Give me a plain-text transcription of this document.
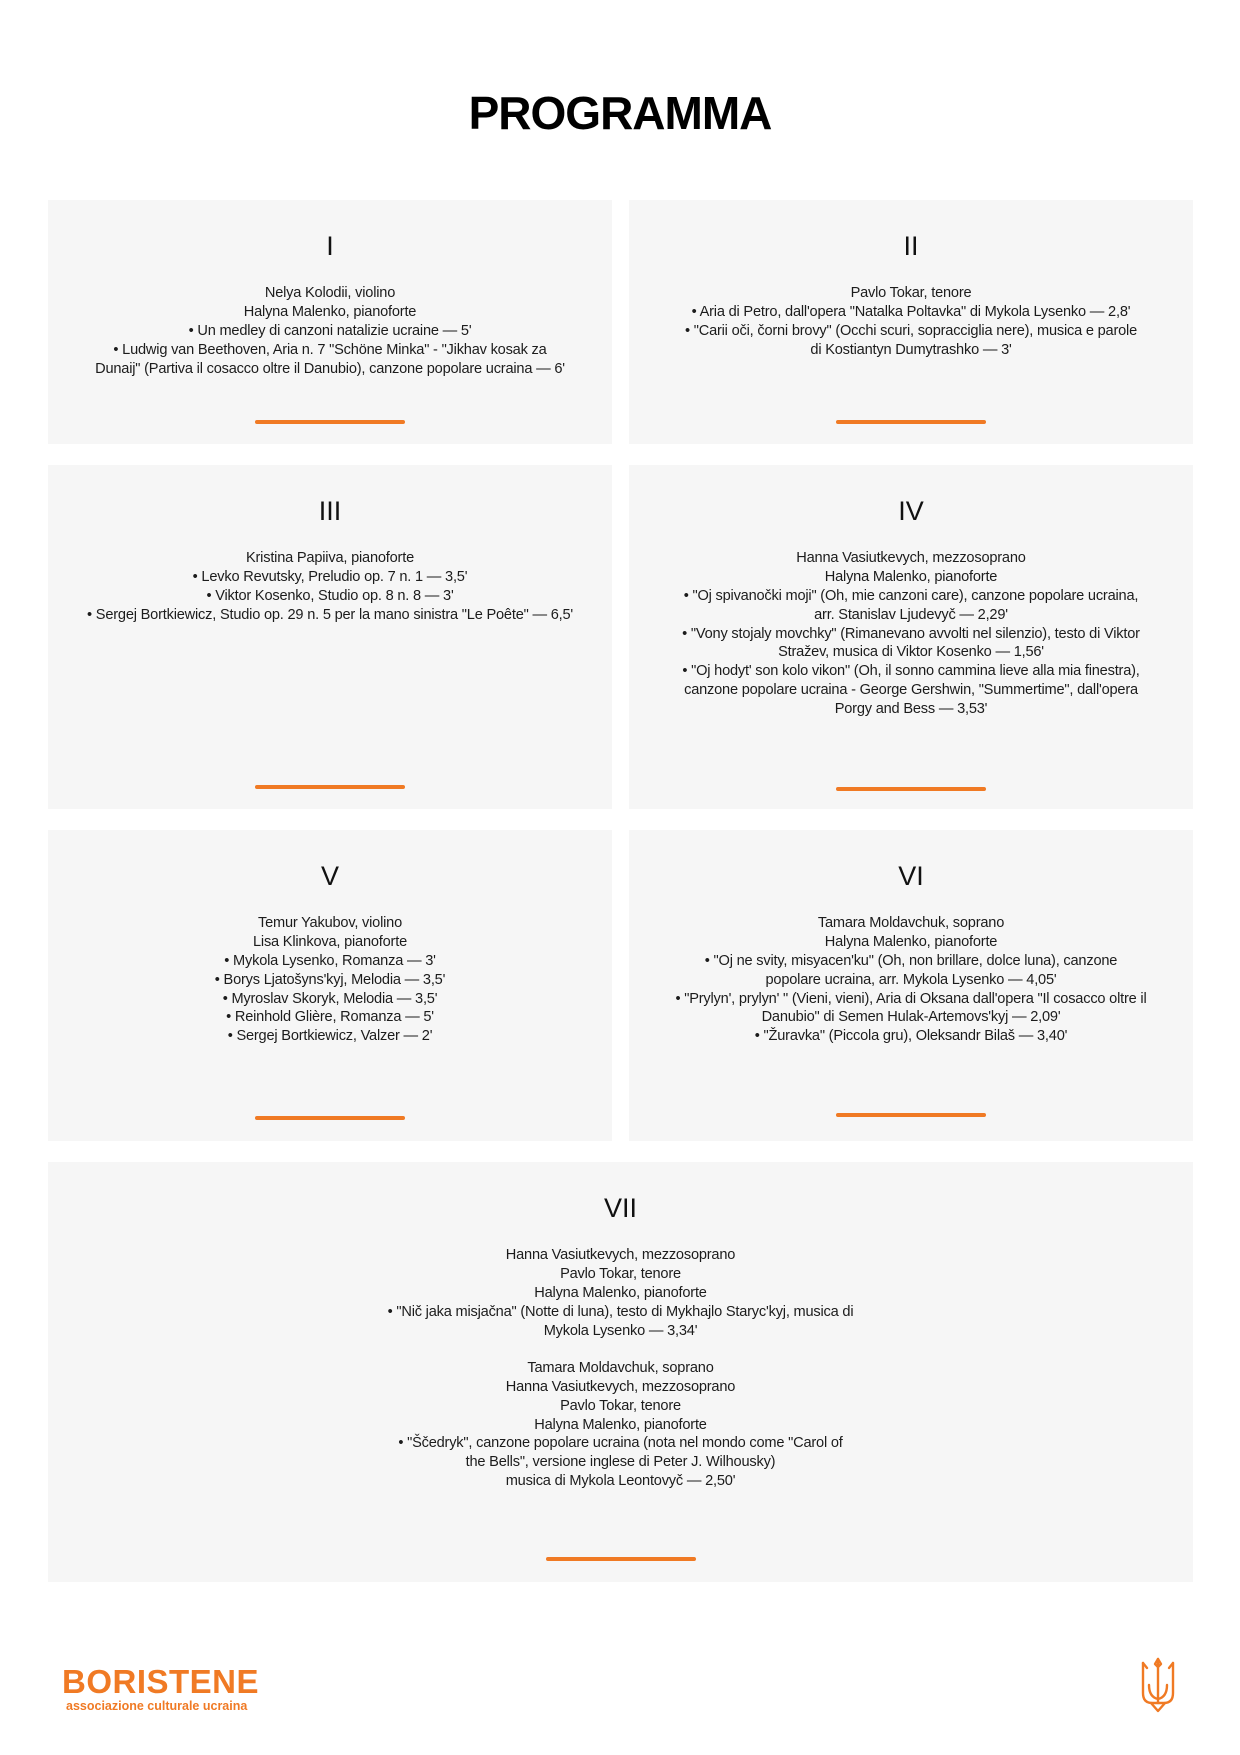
PROGRAMMA
I
Nelya Kolodii, violino
Halyna Malenko, pianoforte
• Un medley di canzoni natalizie ucraine — 5'
• Ludwig van Beethoven, Aria n. 7 "Schöne Minka" - "Jikhav kosak za
Dunaij" (Partiva il cosacco oltre il Danubio), canzone popolare ucraina — 6'
II
Pavlo Tokar, tenore
• Aria di Petro, dall'opera "Natalka Poltavka" di Mykola Lysenko — 2,8'
• "Carii oči, čorni brovy" (Occhi scuri, sopracciglia nere), musica e parole
di Kostiantyn Dumytrashko — 3'
III
Kristina Papiiva, pianoforte
• Levko Revutsky, Preludio op. 7 n. 1 — 3,5'
• Viktor Kosenko, Studio op. 8 n. 8 — 3'
• Sergej Bortkiewicz, Studio op. 29 n. 5 per la mano sinistra "Le Poête" — 6,5'
IV
Hanna Vasiutkevych, mezzosoprano
Halyna Malenko, pianoforte
• "Oj spivanočki moji" (Oh, mie canzoni care), canzone popolare ucraina,
arr. Stanislav Ljudevyč — 2,29'
• "Vony stojaly movchky" (Rimanevano avvolti nel silenzio), testo di Viktor
Stražev, musica di Viktor Kosenko — 1,56'
• "Oj hodyt' son kolo vikon" (Oh, il sonno cammina lieve alla mia finestra),
canzone popolare ucraina - George Gershwin, "Summertime", dall'opera
Porgy and Bess — 3,53'
V
Temur Yakubov, violino
Lisa Klinkova, pianoforte
• Mykola Lysenko, Romanza — 3'
• Borys Ljatošyns'kyj, Melodia — 3,5'
• Myroslav Skoryk, Melodia — 3,5'
• Reinhold Glière, Romanza — 5'
• Sergej Bortkiewicz, Valzer — 2'
VI
Tamara Moldavchuk, soprano
Halyna Malenko, pianoforte
• "Oj ne svity, misyacen'ku" (Oh, non brillare, dolce luna), canzone
popolare ucraina, arr. Mykola Lysenko — 4,05'
• "Prylyn', prylyn' " (Vieni, vieni), Aria di Oksana dall'opera "Il cosacco oltre il
Danubio" di Semen Hulak-Artemovs'kyj — 2,09'
• "Žuravka" (Piccola gru), Oleksandr Bilaš — 3,40'
VII
Hanna Vasiutkevych, mezzosoprano
Pavlo Tokar, tenore
Halyna Malenko, pianoforte
• "Nič jaka misjačna" (Notte di luna), testo di Mykhajlo Staryc'kyj, musica di
Mykola Lysenko — 3,34'
Tamara Moldavchuk, soprano
Hanna Vasiutkevych, mezzosoprano
Pavlo Tokar, tenore
Halyna Malenko, pianoforte
• "Ščedryk", canzone popolare ucraina (nota nel mondo come "Carol of
the Bells", versione inglese di Peter J. Wilhousky)
musica di Mykola Leontovyč — 2,50'
BORISTENE
associazione culturale ucraina
